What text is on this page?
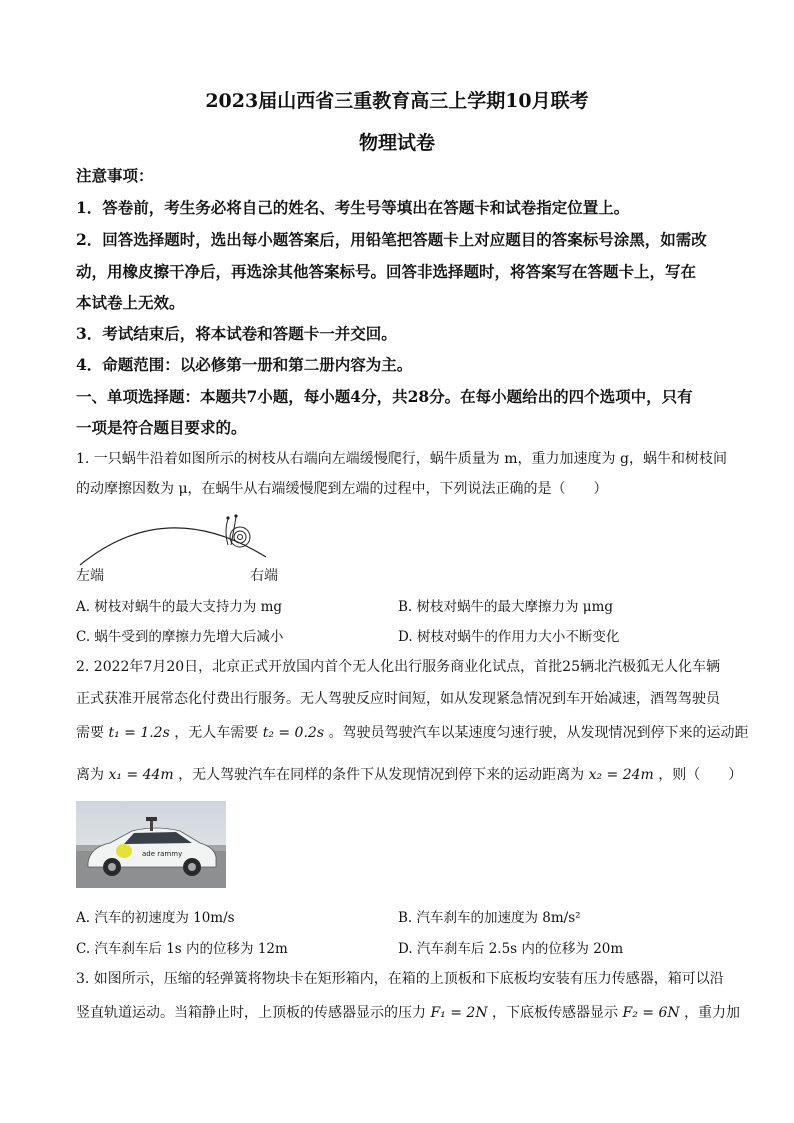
2023届山西省三重教育高三上学期10月联考
物理试卷
注意事项：
1．答卷前，考生务必将自己的姓名、考生号等填出在答题卡和试卷指定位置上。
2．回答选择题时，选出每小题答案后，用铅笔把答题卡上对应题目的答案标号涂黑，如需改
动，用橡皮擦干净后，再选涂其他答案标号。回答非选择题时，将答案写在答题卡上，写在
本试卷上无效。
3．考试结束后，将本试卷和答题卡一并交回。
4．命题范围：以必修第一册和第二册内容为主。
一、单项选择题：本题共7小题，每小题4分，共28分。在每小题给出的四个选项中，只有
一项是符合题目要求的。
1. 一只蜗牛沿着如图所示的树枝从右端向左端缓慢爬行，蜗牛质量为 m，重力加速度为 g，蜗牛和树枝间
的动摩擦因数为 μ，在蜗牛从右端缓慢爬到左端的过程中，下列说法正确的是（　　）
左端	右端
A. 树枝对蜗牛的最大支持力为 mg	B. 树枝对蜗牛的最大摩擦力为 μmg
C. 蜗牛受到的摩擦力先增大后减小	D. 树枝对蜗牛的作用力大小不断变化
2. 2022年7月20日，北京正式开放国内首个无人化出行服务商业化试点，首批25辆北汽极狐无人化车辆
正式获准开展常态化付费出行服务。无人驾驶反应时间短，如从发现紧急情况到车开始减速，酒驾驾驶员
需要 t₁ = 1.2s ，无人车需要 t₂ = 0.2s 。驾驶员驾驶汽车以某速度匀速行驶，从发现情况到停下来的运动距
离为 x₁ = 44m ，无人驾驶汽车在同样的条件下从发现情况到停下来的运动距离为 x₂ = 24m ，则（　　）
ade rammy
A. 汽车的初速度为 10m/s	B. 汽车刹车的加速度为 8m/s²
C. 汽车刹车后 1s 内的位移为 12m	D. 汽车刹车后 2.5s 内的位移为 20m
3. 如图所示，压缩的轻弹簧将物块卡在矩形箱内，在箱的上顶板和下底板均安装有压力传感器，箱可以沿
竖直轨道运动。当箱静止时，上顶板的传感器显示的压力 F₁ = 2N ，下底板传感器显示 F₂ = 6N ，重力加
